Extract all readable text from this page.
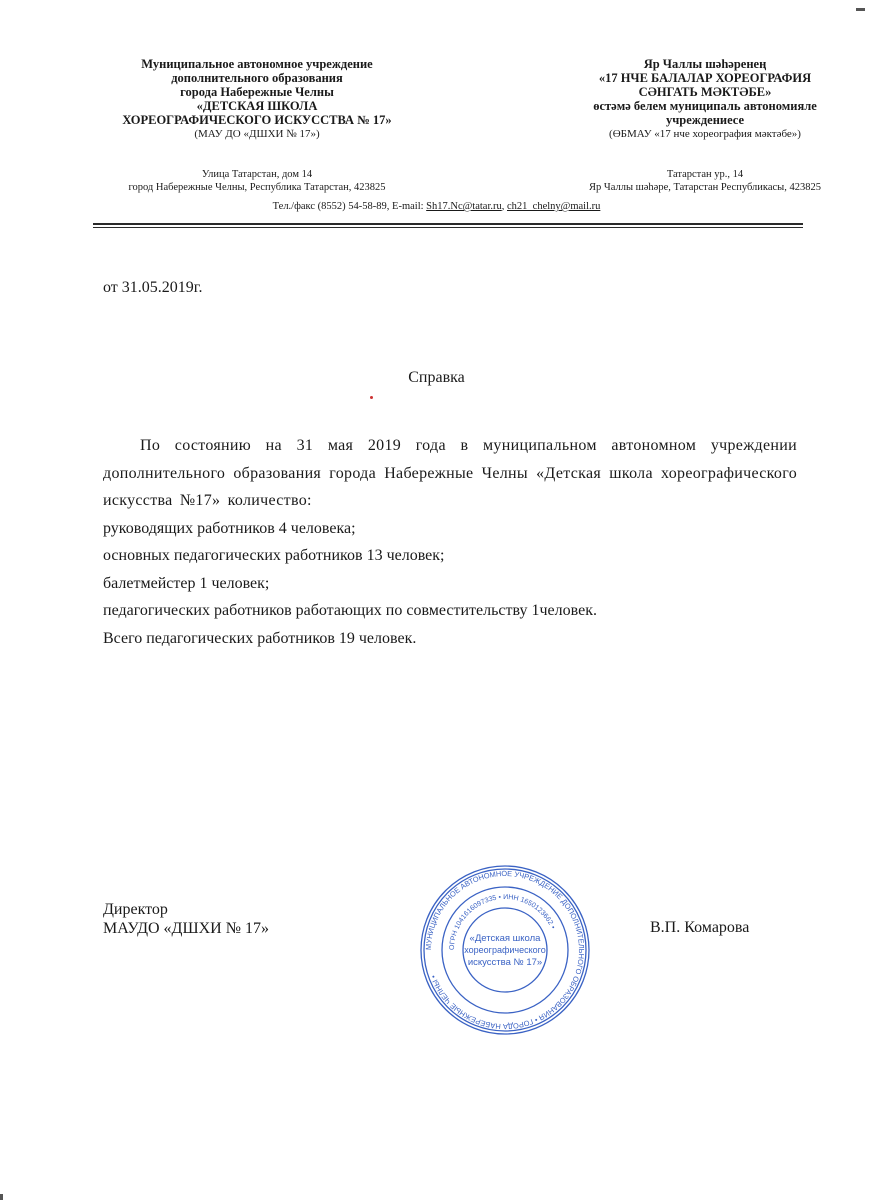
Муниципальное автономное учреждение
дополнительного образования
города Набережные Челны
«ДЕТСКАЯ ШКОЛА
ХОРЕОГРАФИЧЕСКОГО ИСКУССТВА № 17»
(МАУ ДО «ДШХИ № 17»)
Яр Чаллы шәһәренең
«17 НЧЕ БАЛАЛАР ХОРЕОГРАФИЯ
СӘНГАТЬ МӘКТӘБЕ»
өстәмә белем муниципаль автономияле
учреждениесе
(ӨБМАУ «17 нче хореография мәктәбе»)
Улица Татарстан, дом 14
город Набережные Челны, Республика Татарстан, 423825
Татарстан ур., 14
Яр Чаллы шәһәре, Татарстан Республикасы, 423825
Тел./факс (8552) 54-58-89, E-mail: Sh17.Nc@tatar.ru, ch21_chelny@mail.ru
от 31.05.2019г.
Справка

По состоянию на 31 мая 2019 года в муниципальном автономном учреждении дополнительного образования города Набережные Челны «Детская школа хореографического искусства №17» количество:

руководящих работников 4 человека;

основных педагогических работников 13 человек;

балетмейстер 1 человек;

педагогических работников работающих по совместительству 1человек.

Всего педагогических работников 19 человек.

Директор
МАУДО «ДШХИ № 17»	В.П. Комарова
МУНИЦИПАЛЬНОЕ АВТОНОМНОЕ УЧРЕЖДЕНИЕ ДОПОЛНИТЕЛЬНОГО ОБРАЗОВАНИЯ • ГОРОДА НАБЕРЕЖНЫЕ ЧЕЛНЫ •
ОГРН 1041616097335 • ИНН 1650123662 •
«Детская школа
хореографического
искусства № 17»
